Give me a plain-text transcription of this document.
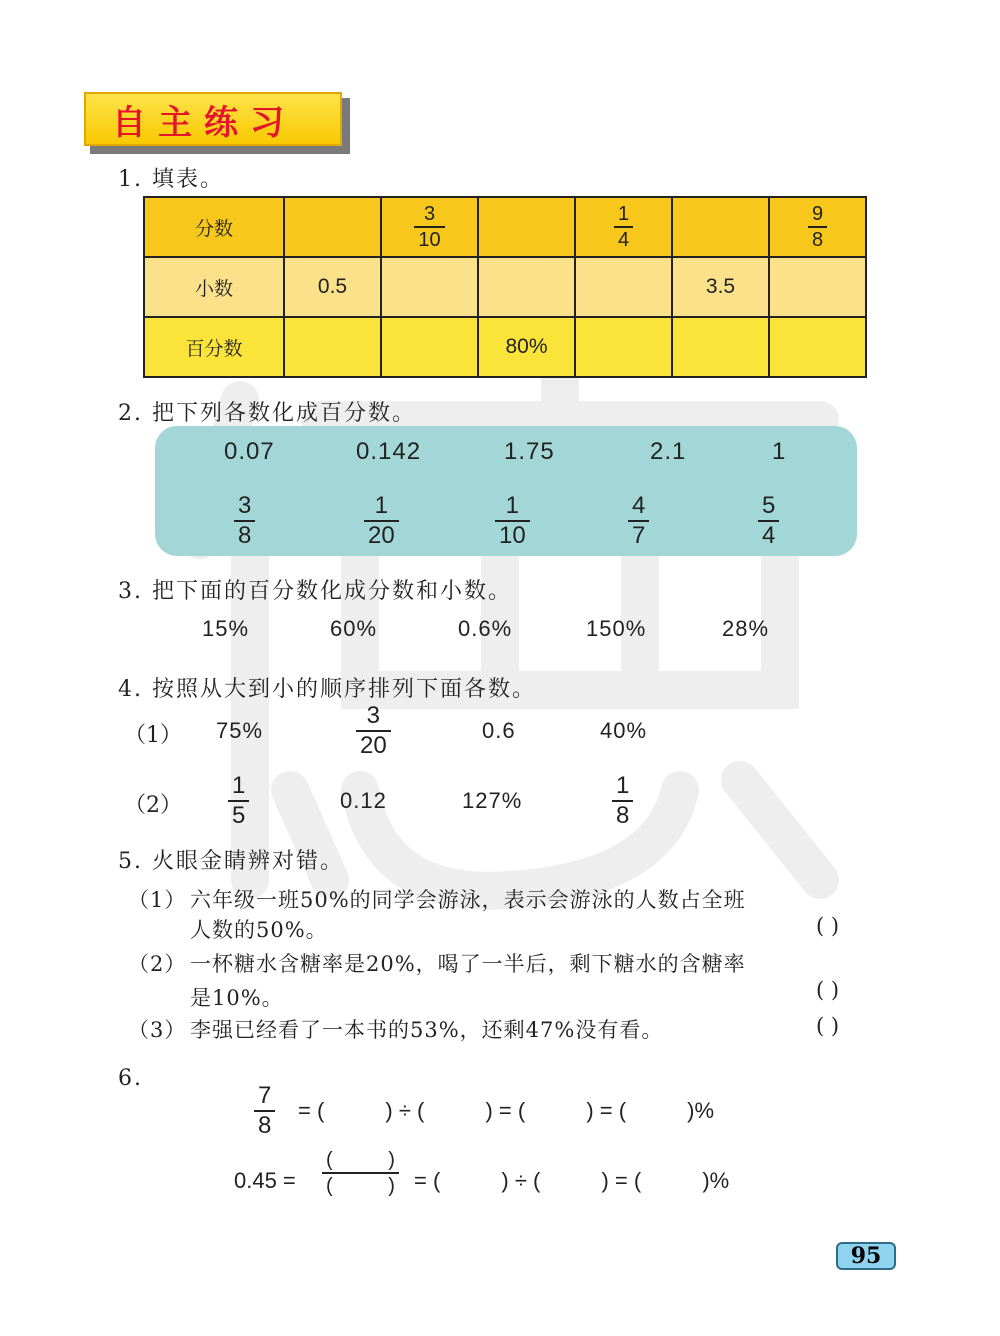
自主练习
1. 填表。
分数		$\frac{3}{10}$		$\frac{1}{4}$		$\frac{9}{8}$

小数	0.5				3.5	
百分数			80%			
2. 把下列各数化成百分数。
0.07	0.142	1.75	2.1	1
$\frac{3}{8}$	$\frac{1}{20}$	$\frac{1}{10}$	$\frac{4}{7}$	$\frac{5}{4}$
3. 把下面的百分数化成分数和小数。
15%	60%	0.6%	150%	28%
4. 按照从大到小的顺序排列下面各数。
（1） 75%	$\frac{3}{20}$	0.6	40%
$(2) \frac{1}{5}$	0.12	127%	$\frac{1}{8}$
5. 火眼金睛辨对错。
（1） 六年级一班50%的同学会游泳，表示会游泳的人数占全班
人数的50%。	( )
（2） 一杯糖水含糖率是20%，喝了一半后，剩下糖水的含糖率
是10%。	( )
（3） 李强已经看了一本书的53%，还剩47%没有看。	( )
6.
$\frac{7}{8}$ = (          ) ÷ (          ) = (          ) = (          )%
0.45 =
(          )
(          ) = (          ) ÷ (          ) = (          )%
95
